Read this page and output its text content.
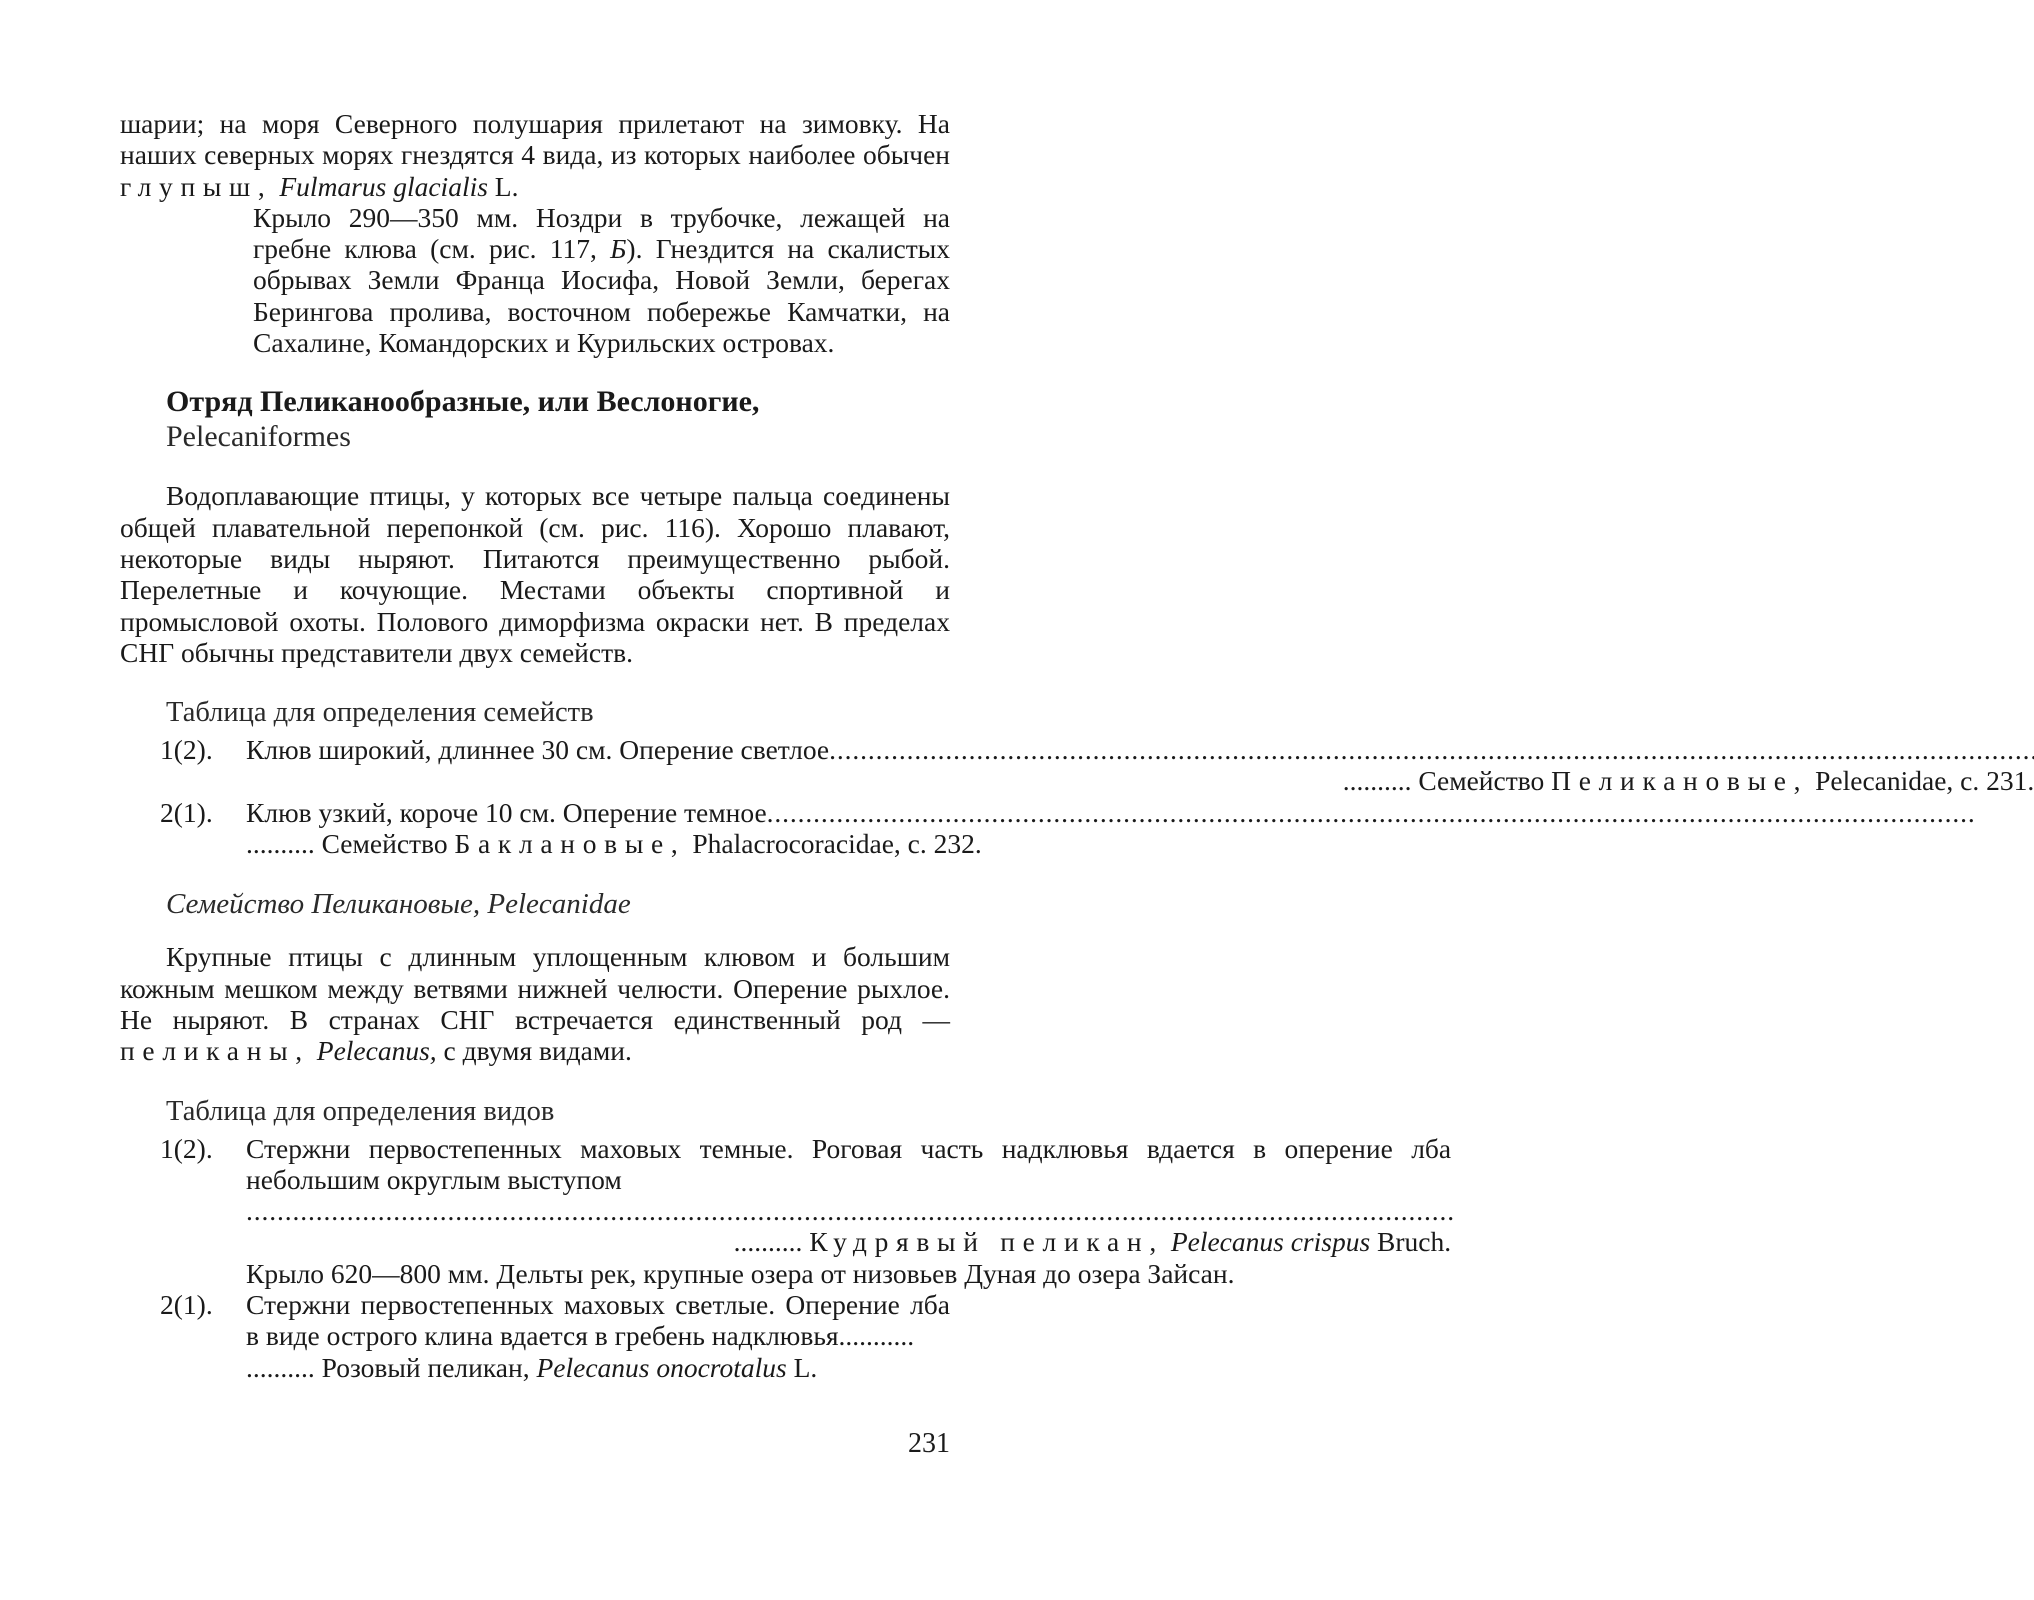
шарии; на моря Северного полушария прилетают на зимовку. На наших северных морях гнездятся 4 вида, из которых наиболее обычен глупыш, Fulmarus glacialis L.

Крыло 290—350 мм. Ноздри в трубочке, лежащей на гребне клюва (см. рис. 117, Б). Гнездится на скалистых обрывах Земли Франца Иосифа, Новой Земли, берегах Берингова пролива, восточном побережье Камчатки, на Сахалине, Командорских и Курильских островах.

Отряд Пеликанообразные, или Веслоногие,
Pelecaniformes

Водоплавающие птицы, у которых все четыре пальца соединены общей плавательной перепонкой (см. рис. 116). Хорошо плавают, некоторые виды ныряют. Питаются преимущественно рыбой. Перелетные и кочующие. Местами объекты спортивной и промысловой охоты. Полового диморфизма окраски нет. В пределах СНГ обычны представители двух семейств.

Таблица для определения семейств
1(2).	Клюв широкий, длиннее 30 см. Оперение светлое
. . .
.......... Семейство Пеликановые, Pelecanidae, с. 231.
2(1).	Клюв узкий, короче 10 см. Оперение темное
. . .
.......... Семейство Баклановые, Phalacrocoracidae, с. 232.
Семейство Пеликановые, Pelecanidae

Крупные птицы с длинным уплощенным клювом и большим кожным мешком между ветвями нижней челюсти. Оперение рыхлое. Не ныряют. В странах СНГ встречается единственный род — пеликаны, Pelecanus, с двумя видами.

Таблица для определения видов
1(2).	Стержни первостепенных маховых темные. Роговая часть надклювья вдается в оперение лба небольшим округлым выступом
. . .
.......... Кудрявый пеликан, Pelecanus crispus Bruch.
Крыло 620—800 мм. Дельты рек, крупные озера от низовьев Дуная до озера Зайсан.
2(1).	Стержни первостепенных маховых светлые. Оперение лба в виде острого клина вдается в гребень надклювья...........
.......... Розовый пеликан, Pelecanus onocrotalus L.
231
